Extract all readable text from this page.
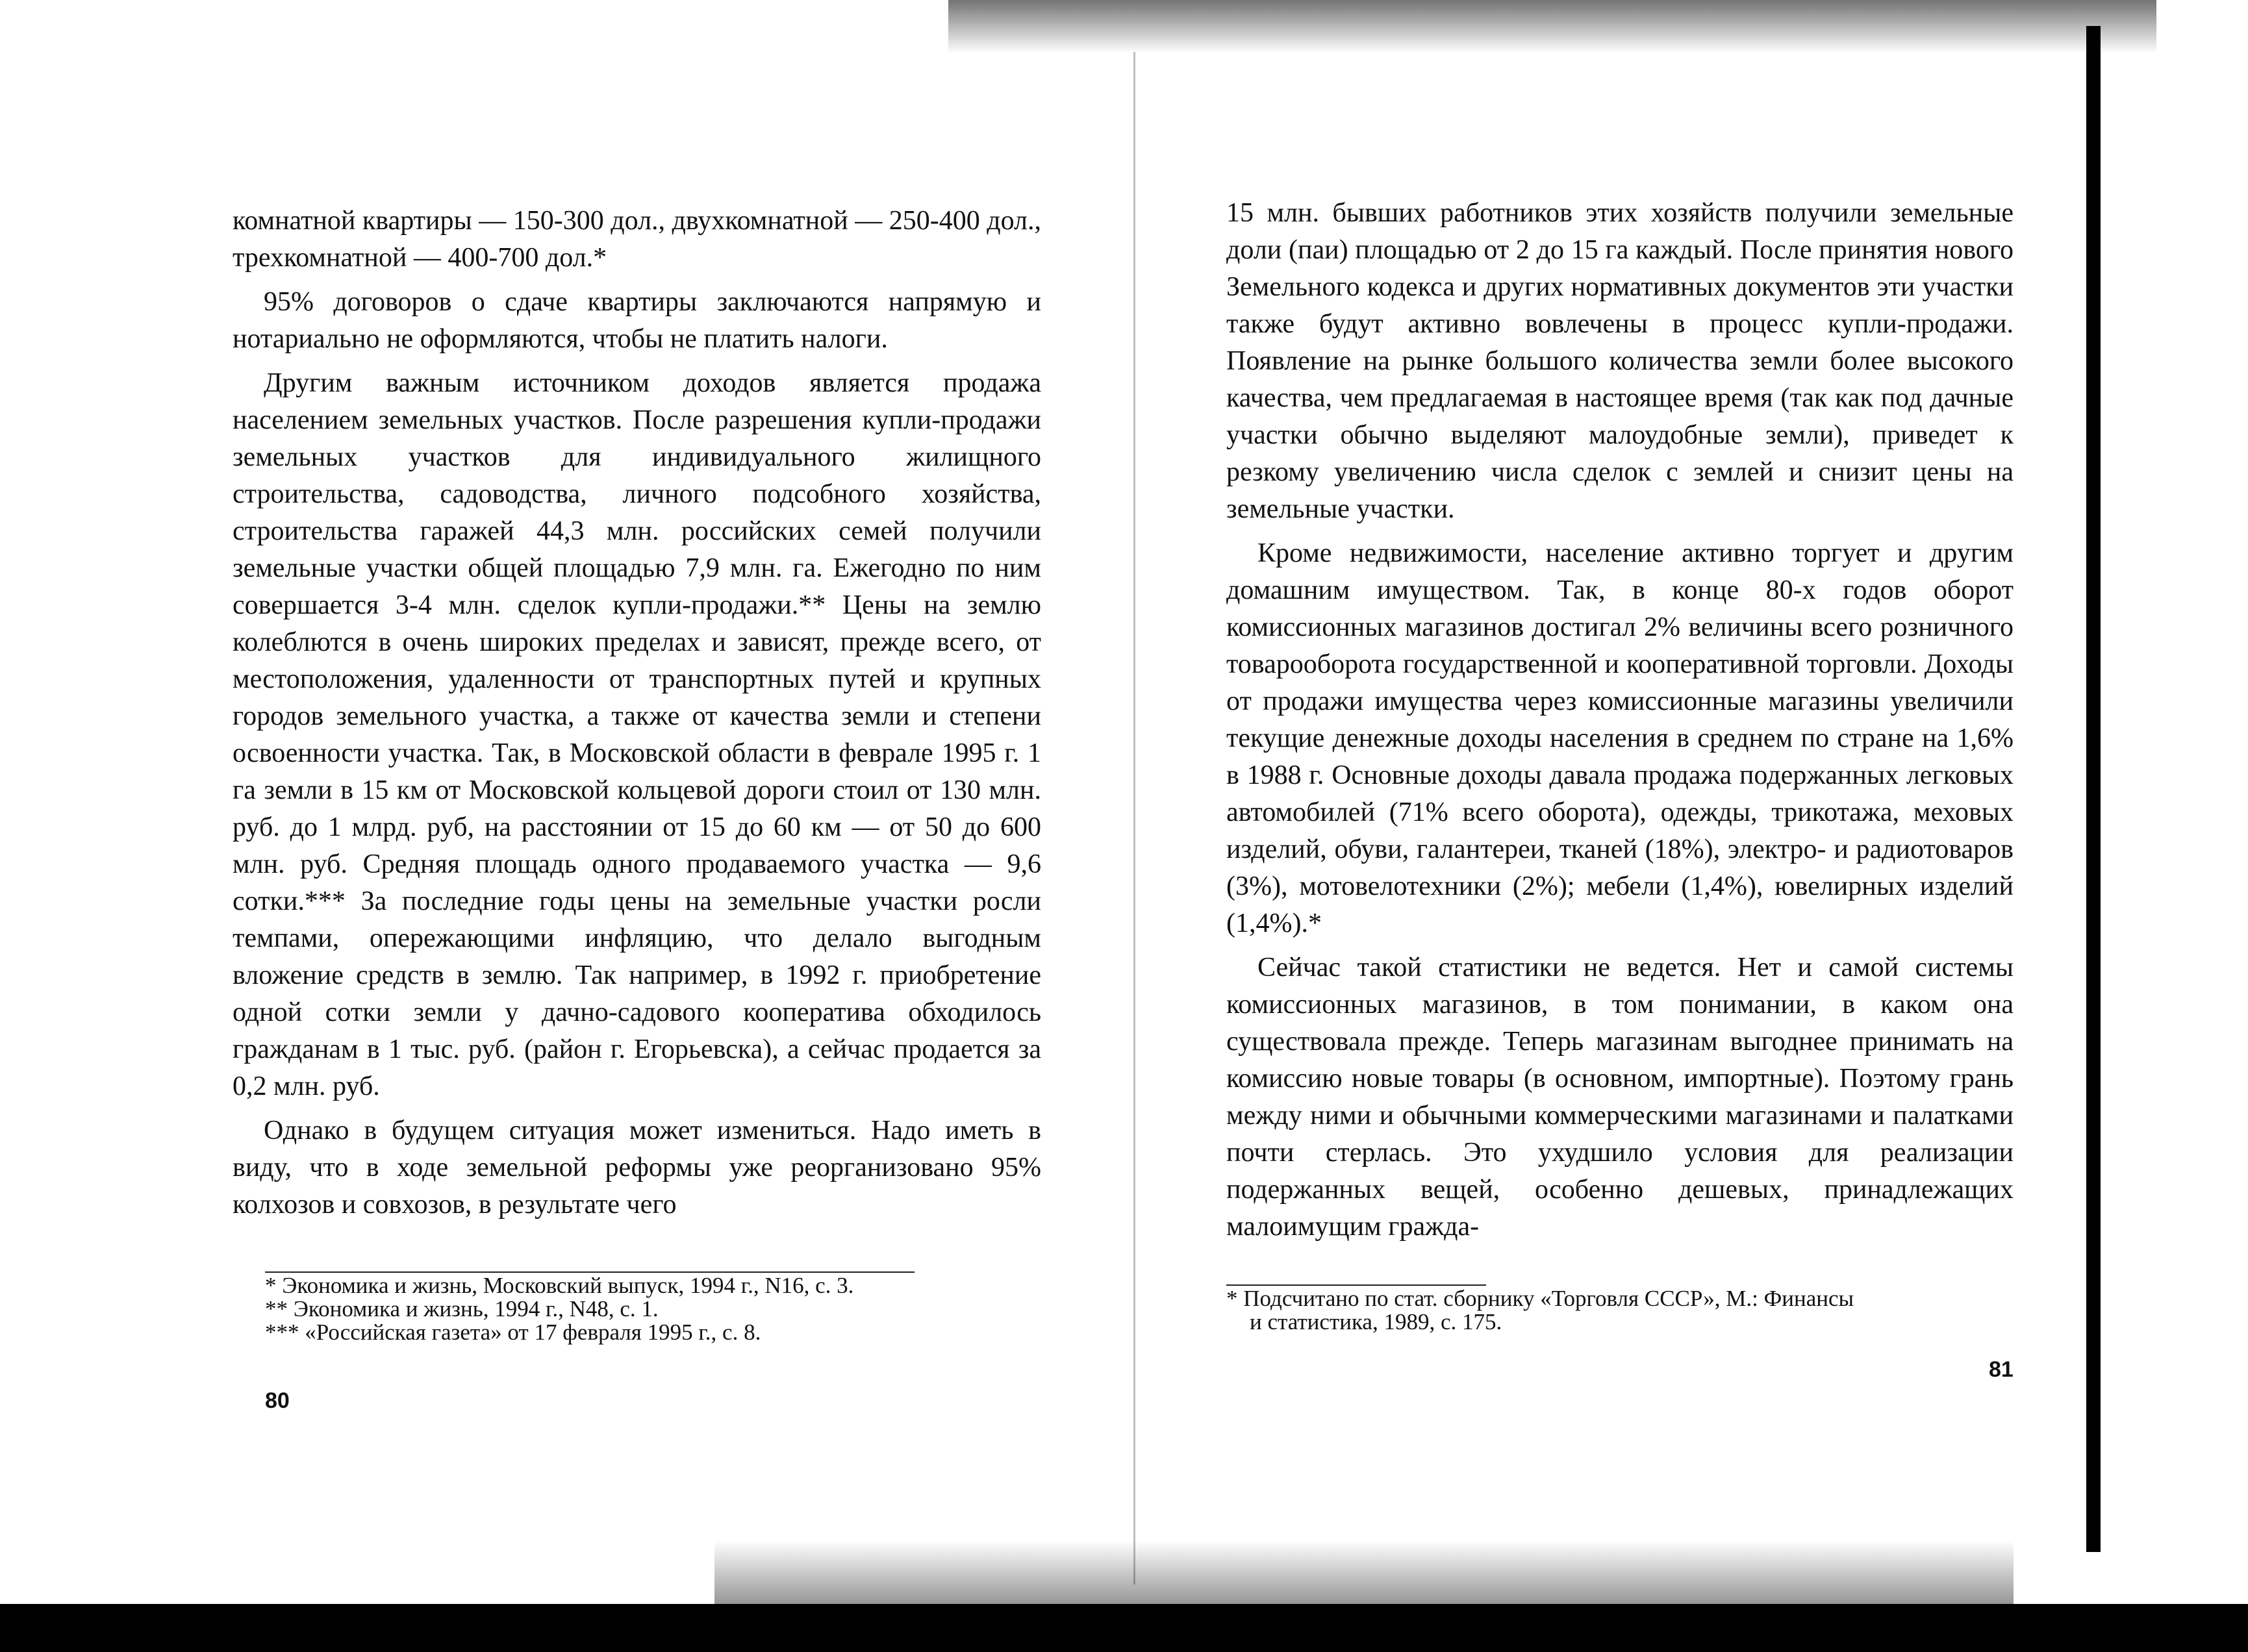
комнатной квартиры — 150-300 дол., двухкомнатной — 250-400 дол., трехкомнатной — 400-700 дол.*

95% договоров о сдаче квартиры заключаются напрямую и нотариально не оформляются, чтобы не платить налоги.

Другим важным источником доходов является продажа населением земельных участков. После разрешения купли-продажи земельных участков для индивидуального жилищного строительства, садоводства, личного подсобного хозяйства, строительства гаражей 44,3 млн. российских семей получили земельные участки общей площадью 7,9 млн. га. Ежегодно по ним совершается 3-4 млн. сделок купли-продажи.** Цены на землю колеблются в очень широких пределах и зависят, прежде всего, от местоположения, удаленности от транспортных путей и крупных городов земельного участка, а также от качества земли и степени освоенности участка. Так, в Московской области в феврале 1995 г. 1 га земли в 15 км от Московской кольцевой дороги стоил от 130 млн. руб. до 1 млрд. руб, на расстоянии от 15 до 60 км — от 50 до 600 млн. руб. Средняя площадь одного продаваемого участка — 9,6 сотки.*** За последние годы цены на земельные участки росли темпами, опережающими инфляцию, что делало выгодным вложение средств в землю. Так например, в 1992 г. приобретение одной сотки земли у дачно-садового кооператива обходилось гражданам в 1 тыс. руб. (район г. Егорьевска), а сейчас продается за 0,2 млн. руб.

Однако в будущем ситуация может измениться. Надо иметь в виду, что в ходе земельной реформы уже реорганизовано 95% колхозов и совхозов, в результате чего

* Экономика и жизнь, Московский выпуск, 1994 г., N16, с. 3.
** Экономика и жизнь, 1994 г., N48, с. 1.
*** «Российская газета» от 17 февраля 1995 г., с. 8.
80

15 млн. бывших работников этих хозяйств получили земельные доли (паи) площадью от 2 до 15 га каждый. После принятия нового Земельного кодекса и других нормативных документов эти участки также будут активно вовлечены в процесс купли-продажи. Появление на рынке большого количества земли более высокого качества, чем предлагаемая в настоящее время (так как под дачные участки обычно выделяют малоудобные земли), приведет к резкому увеличению числа сделок с землей и снизит цены на земельные участки.

Кроме недвижимости, население активно торгует и другим домашним имуществом. Так, в конце 80-х годов оборот комиссионных магазинов достигал 2% величины всего розничного товарооборота государственной и кооперативной торговли. Доходы от продажи имущества через комиссионные магазины увеличили текущие денежные доходы населения в среднем по стране на 1,6% в 1988 г. Основные доходы давала продажа подержанных легковых автомобилей (71% всего оборота), одежды, трикотажа, меховых изделий, обуви, галантереи, тканей (18%), электро- и радиотоваров (3%), мотовелотехники (2%); мебели (1,4%), ювелирных изделий (1,4%).*

Сейчас такой статистики не ведется. Нет и самой системы комиссионных магазинов, в том понимании, в каком она существовала прежде. Теперь магазинам выгоднее принимать на комиссию новые товары (в основном, импортные). Поэтому грань между ними и обычными коммерческими магазинами и палатками почти стерлась. Это ухудшило условия для реализации подержанных вещей, особенно дешевых, принадлежащих малоимущим гражда-

* Подсчитано по стат. сборнику «Торговля СССР», М.: Финансы
и статистика, 1989, с. 175.
81
